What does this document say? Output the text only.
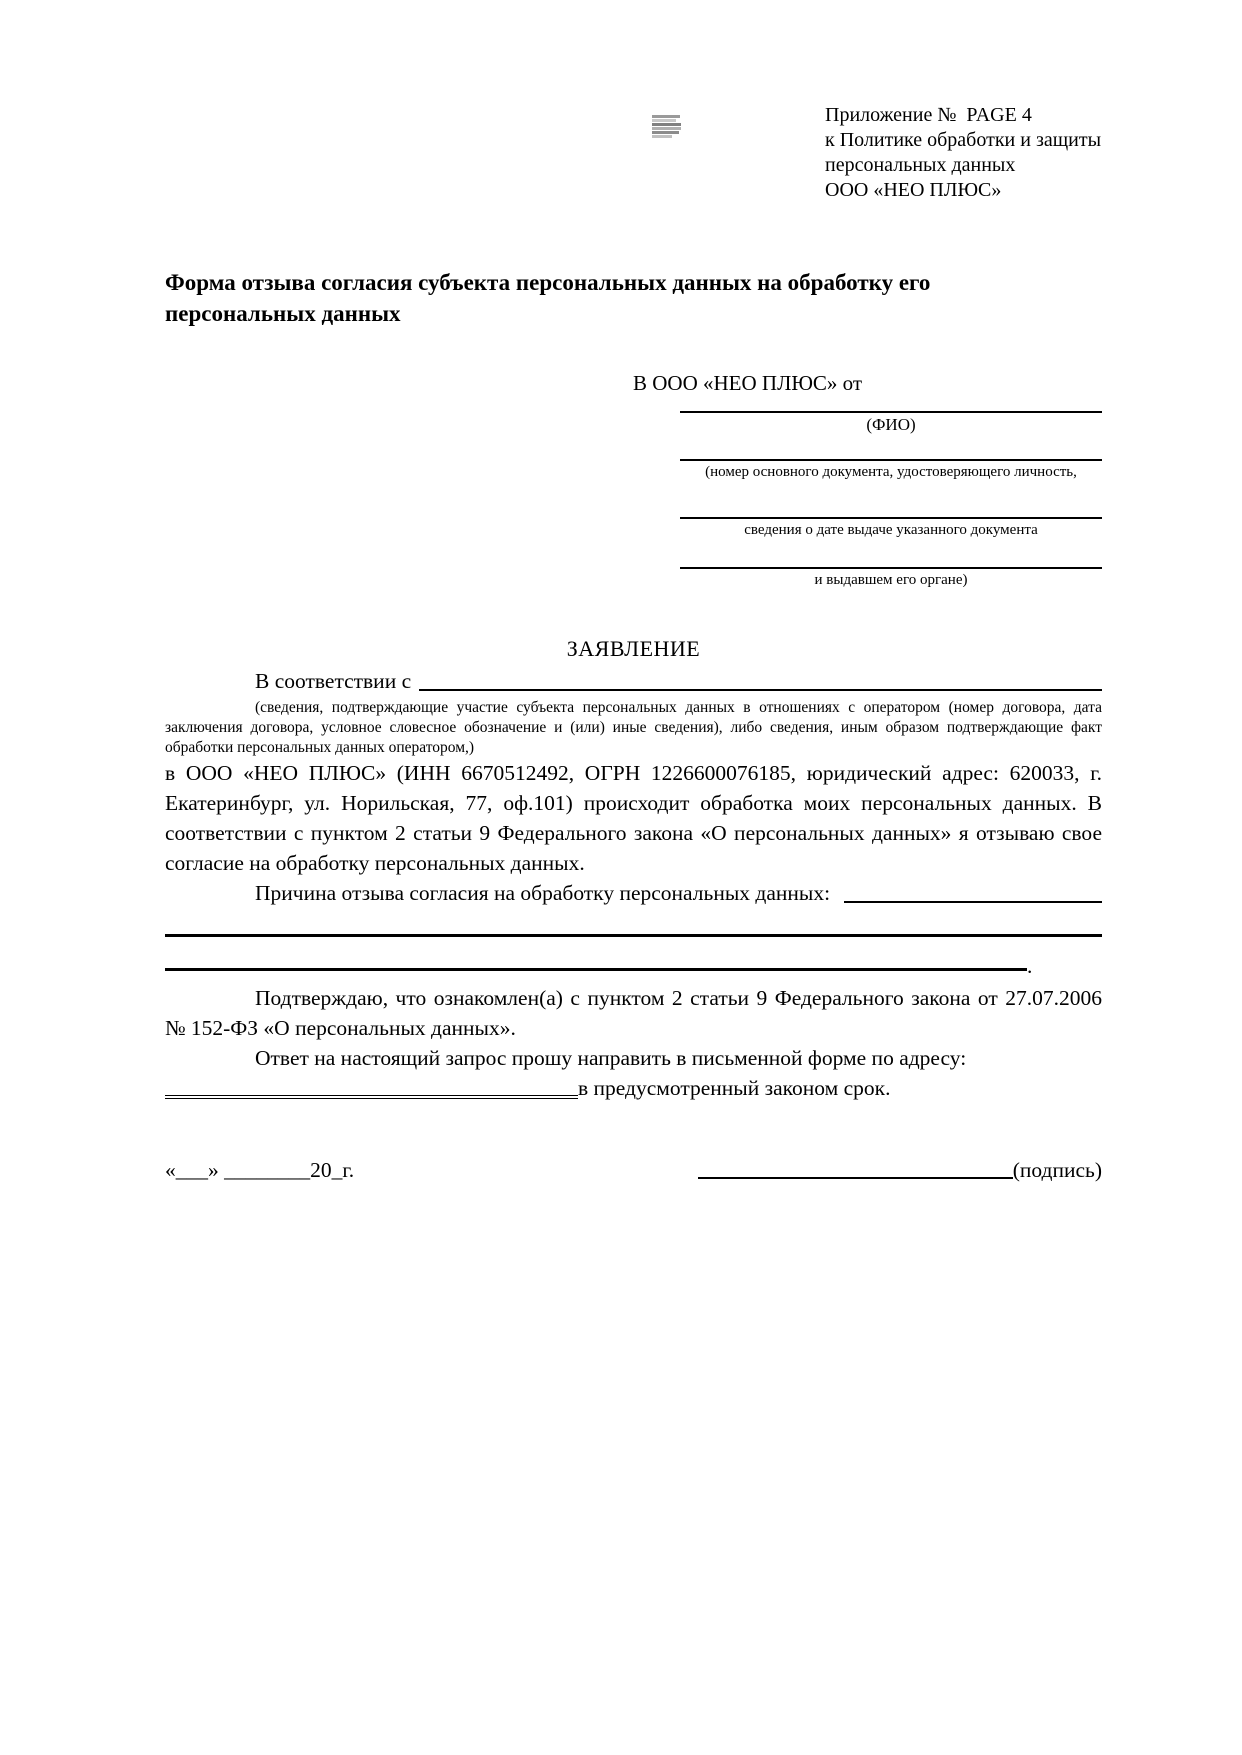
Приложение №  PAGE 4
к Политике обработки и защиты
персональных данных
ООО «НЕО ПЛЮС»
Форма отзыва согласия субъекта персональных данных на обработку его персональных данных
В ООО «НЕО ПЛЮС» от
(ФИО)
(номер основного документа, удостоверяющего личность,
сведения о дате выдаче указанного документа
и выдавшем его органе)
ЗАЯВЛЕНИЕ
В соответствии с

(сведения, подтверждающие участие субъекта персональных данных в отношениях с оператором (номер договора, дата заключения договора, условное словесное обозначение и (или) иные сведения), либо сведения, иным образом подтверждающие факт обработки персональных данных оператором,)

в ООО «НЕО ПЛЮС» (ИНН 6670512492, ОГРН 1226600076185, юридический адрес: 620033, г. Екатеринбург, ул. Норильская, 77, оф.101) происходит обработка моих персональных данных. В соответствии с пунктом 2 статьи 9 Федерального закона «О персональных данных» я отзываю свое согласие на обработку персональных данных.

Причина отзыва согласия на обработку персональных данных:
.

Подтверждаю, что ознакомлен(а) с пунктом 2 статьи 9 Федерального закона от 27.07.2006 № 152-ФЗ «О персональных данных».

Ответ на настоящий запрос прошу направить в письменной форме по адресу:

в предусмотренный законом срок.
«___» ________20_г.	(подпись)
